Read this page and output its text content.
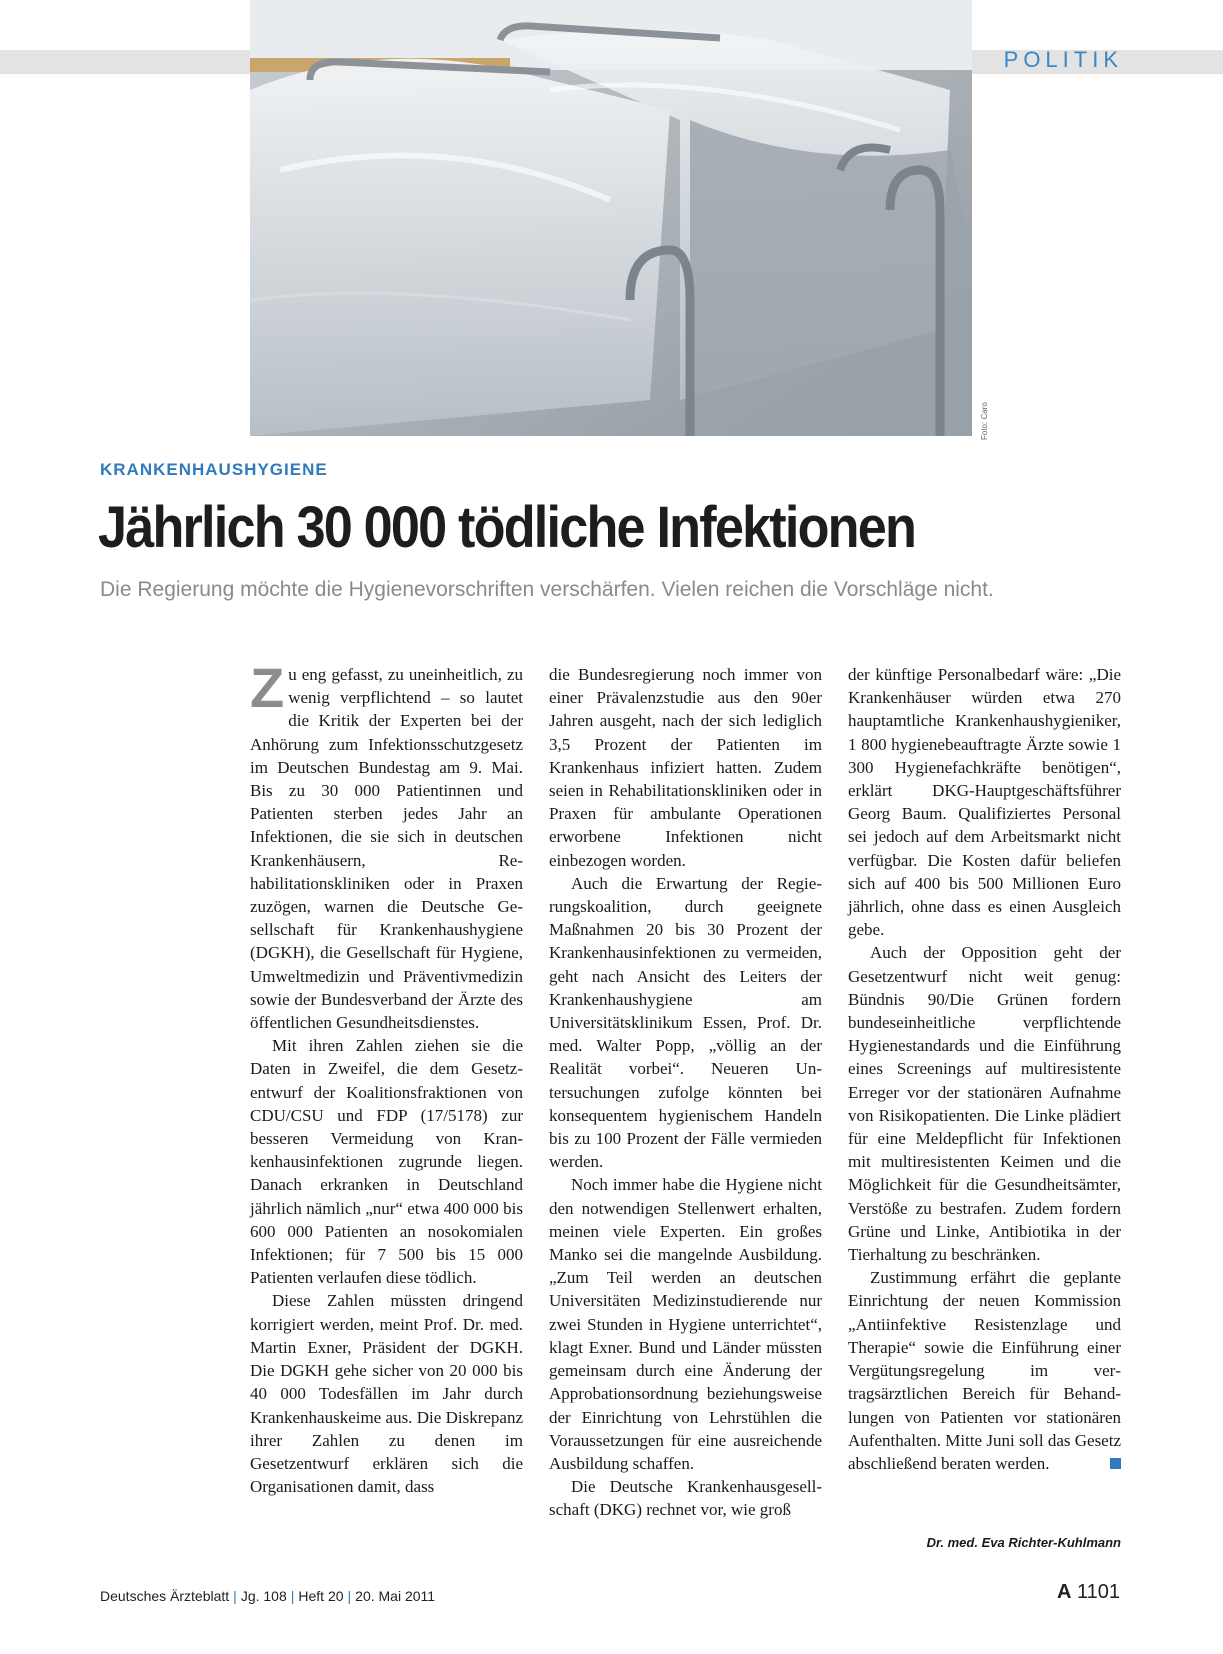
POLITIK
Foto: Caro
KRANKENHAUSHYGIENE
Jährlich 30 000 tödliche Infektionen
Die Regierung möchte die Hygienevorschriften verschärfen. Vielen reichen die Vorschläge nicht.

Zu eng gefasst, zu uneinheitlich, zu wenig verpflichtend – so lautet die Kritik der Experten bei der Anhörung zum Infektionsschutzgesetz im Deutschen Bundestag am 9. Mai. Bis zu 30 000 Patientinnen und Patienten sterben jedes Jahr an Infektionen, die sie sich in deutschen Krankenhäusern, Rehabilitationskliniken oder in Praxen zuzögen, warnen die Deutsche Gesellschaft für Krankenhaushygiene (DGKH), die Gesellschaft für Hygiene, Umweltmedizin und Präventivmedizin sowie der Bundesverband der Ärzte des öffentlichen Gesundheitsdienstes.

Mit ihren Zahlen ziehen sie die Daten in Zweifel, die dem Gesetzentwurf der Koalitionsfraktionen von CDU/CSU und FDP (17/5178) zur besseren Vermeidung von Krankenhausinfektionen zugrunde liegen. Danach erkranken in Deutschland jährlich nämlich „nur“ etwa 400 000 bis 600 000 Patienten an nosokomialen Infektionen; für 7 500 bis 15 000 Patienten verlaufen diese tödlich.

Diese Zahlen müssten dringend korrigiert werden, meint Prof. Dr. med. Martin Exner, Präsident der DGKH. Die DGKH gehe sicher von 20 000 bis 40 000 Todesfällen im Jahr durch Krankenhauskeime aus. Die Diskrepanz ihrer Zahlen zu denen im Gesetzentwurf erklären sich die Organisationen damit, dass

die Bundesregierung noch immer von einer Prävalenzstudie aus den 90er Jahren ausgeht, nach der sich lediglich 3,5 Prozent der Patienten im Krankenhaus infiziert hatten. Zudem seien in Rehabilitationskliniken oder in Praxen für ambulante Operationen erworbene Infektionen nicht einbezogen worden.

Auch die Erwartung der Regierungskoalition, durch geeignete Maßnahmen 20 bis 30 Prozent der Krankenhausinfektionen zu vermeiden, geht nach Ansicht des Leiters der Krankenhaushygiene am Universitätsklinikum Essen, Prof. Dr. med. Walter Popp, „völlig an der Realität vorbei“. Neueren Untersuchungen zufolge könnten bei konsequentem hygienischem Handeln bis zu 100 Prozent der Fälle vermieden werden.

Noch immer habe die Hygiene nicht den notwendigen Stellenwert erhalten, meinen viele Experten. Ein großes Manko sei die mangelnde Ausbildung. „Zum Teil werden an deutschen Universitäten Medizinstudierende nur zwei Stunden in Hygiene unterrichtet“, klagt Exner. Bund und Länder müssten gemeinsam durch eine Änderung der Approbationsordnung beziehungsweise der Einrichtung von Lehrstühlen die Voraussetzungen für eine ausreichende Ausbildung schaffen.

Die Deutsche Krankenhausgesellschaft (DKG) rechnet vor, wie groß

der künftige Personalbedarf wäre: „Die Krankenhäuser würden etwa 270 hauptamtliche Krankenhaushygieniker, 1 800 hygienebeauftragte Ärzte sowie 1 300 Hygienefachkräfte benötigen“, erklärt DKG-Hauptgeschäftsführer Georg Baum. Qualifiziertes Personal sei jedoch auf dem Arbeitsmarkt nicht verfügbar. Die Kosten dafür beliefen sich auf 400 bis 500 Millionen Euro jährlich, ohne dass es einen Ausgleich gebe.

Auch der Opposition geht der Gesetzentwurf nicht weit genug: Bündnis 90/Die Grünen fordern bundeseinheitliche verpflichtende Hygienestandards und die Einführung eines Screenings auf multiresistente Erreger vor der stationären Aufnahme von Risikopatienten. Die Linke plädiert für eine Meldepflicht für Infektionen mit multiresistenten Keimen und die Möglichkeit für die Gesundheitsämter, Verstöße zu bestrafen. Zudem fordern Grüne und Linke, Antibiotika in der Tierhaltung zu beschränken.

Zustimmung erfährt die geplante Einrichtung der neuen Kommission „Antiinfektive Resistenzlage und Therapie“ sowie die Einführung einer Vergütungsregelung im vertragsärztlichen Bereich für Behandlungen von Patienten vor stationären Aufenthalten. Mitte Juni soll das Gesetz abschließend beraten werden.

Dr. med. Eva Richter-Kuhlmann
Deutsches Ärzteblatt | Jg. 108 | Heft 20 | 20. Mai 2011	A 1101
